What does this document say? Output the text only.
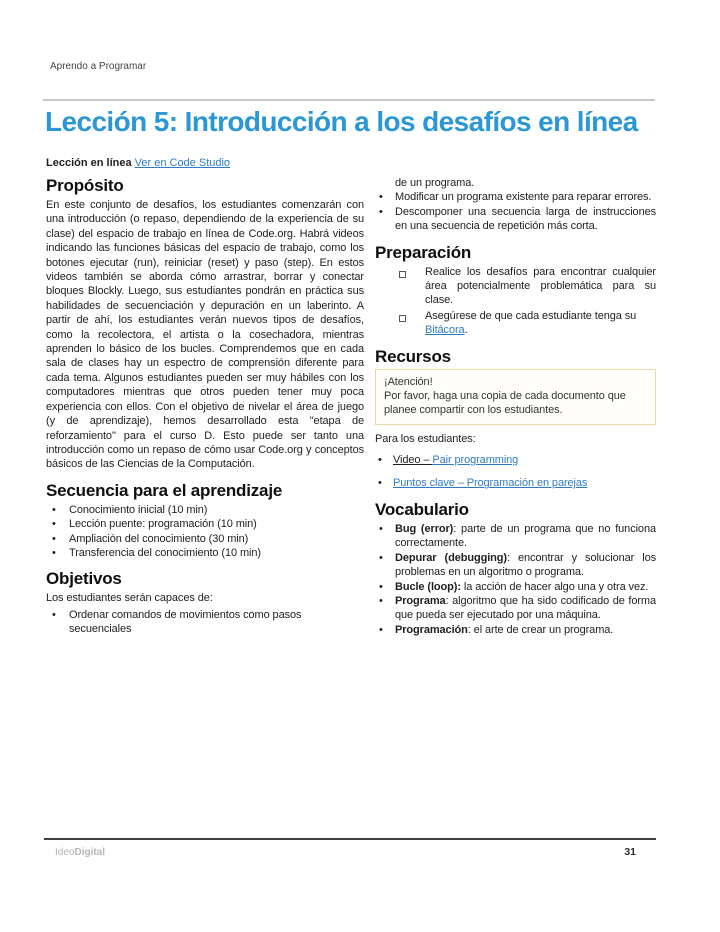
Aprendo a Programar
Lección 5: Introducción a los desafíos en línea
Lección en línea Ver en Code Studio
Propósito

En este conjunto de desafíos, los estudiantes comenzarán con una introducción (o repaso, dependiendo de la experiencia de su clase) del espacio de trabajo en línea de Code.org. Habrá videos indicando las funciones básicas del espacio de trabajo, como los botones ejecutar (run), reiniciar (reset) y paso (step). En estos videos también se aborda cómo arrastrar, borrar y conectar bloques Blockly. Luego, sus estudiantes pondrán en práctica sus habilidades de secuenciación y depuración en un laberinto. A partir de ahí, los estudiantes verán nuevos tipos de desafíos, como la recolectora, el artista o la cosechadora, mientras aprenden lo básico de los bucles. Comprendemos que en cada sala de clases hay un espectro de comprensión diferente para cada tema. Algunos estudiantes pueden ser muy hábiles con los computadores mientras que otros pueden tener muy poca experiencia con ellos. Con el objetivo de nivelar el área de juego (y de aprendizaje), hemos desarrollado esta "etapa de reforzamiento" para el curso D. Esto puede ser tanto una introducción como un repaso de cómo usar Code.org y conceptos básicos de las Ciencias de la Computación.

Secuencia para el aprendizaje
•	Conocimiento inicial (10 min)
•	Lección puente: programación (10 min)
•	Ampliación del conocimiento (30 min)
•	Transferencia del conocimiento (10 min)
Objetivos

Los estudiantes serán capaces de:

•	Ordenar comandos de movimientos como pasos secuenciales
de un programa.
•	Modificar un programa existente para reparar errores.
•	Descomponer una secuencia larga de instrucciones en una secuencia de repetición más corta.
Preparación
Realice los desafíos para encontrar cualquier área potencialmente problemática para su clase.
Asegúrese de que cada estudiante tenga su Bitácora.
Recursos
¡Atención!
Por favor, haga una copia de cada documento que planee compartir con los estudiantes.

Para los estudiantes:

•	Video – Pair programming
•	Puntos clave – Programación en parejas
Vocabulario
•	Bug (error): parte de un programa que no funciona correctamente.
•	Depurar (debugging): encontrar y solucionar los problemas en un algoritmo o programa.
•	Bucle (loop): la acción de hacer algo una y otra vez.
•	Programa: algoritmo que ha sido codificado de forma que pueda ser ejecutado por una máquina.
•	Programación: el arte de crear un programa.
IdeoDigital	31
